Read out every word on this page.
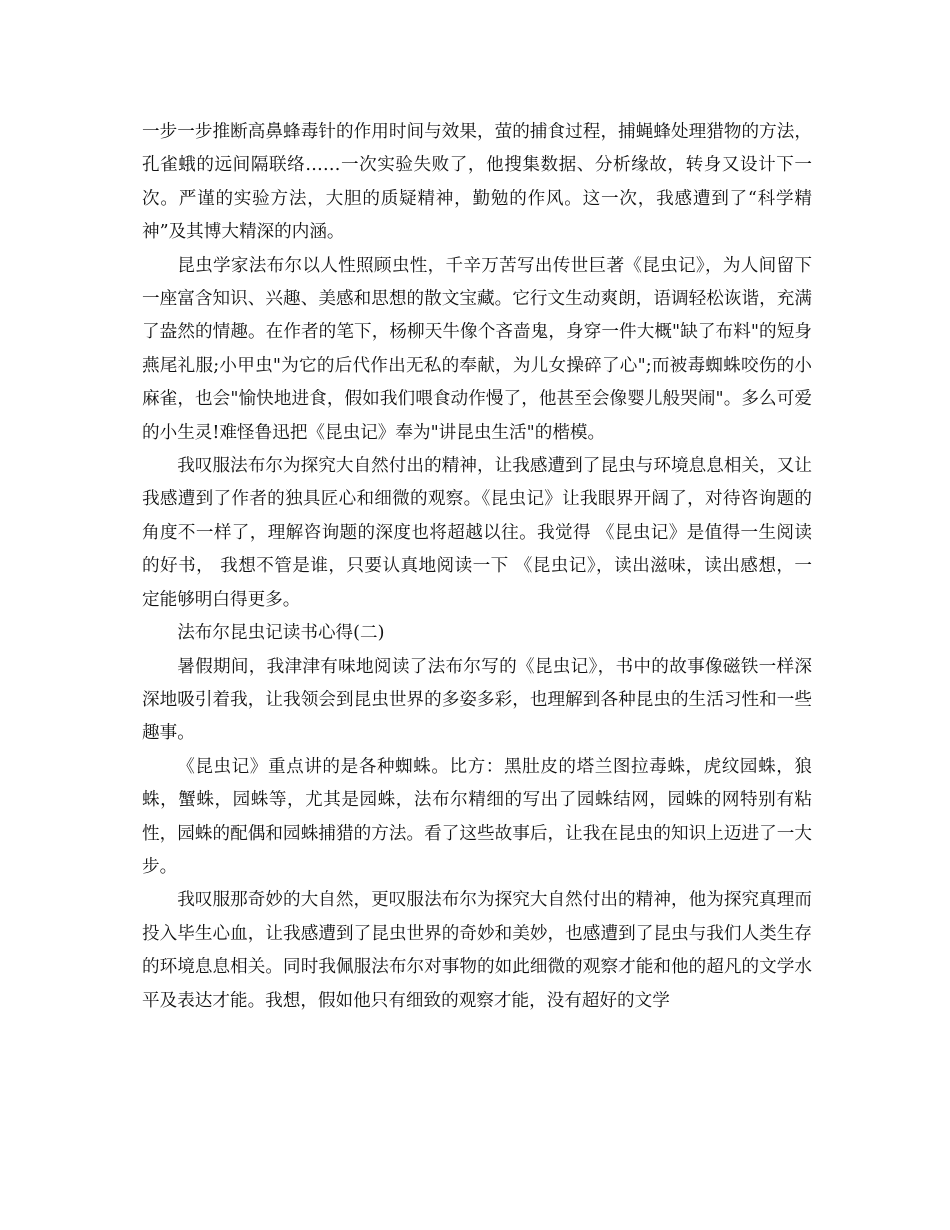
一步一步推断高鼻蜂毒针的作用时间与效果，萤的捕食过程，捕蝇蜂处理猎物的方法，孔雀蛾的远间隔联络……一次实验失败了，他搜集数据、分析缘故，转身又设计下一次。严谨的实验方法，大胆的质疑精神，勤勉的作风。这一次，我感遭到了“科学精神”及其博大精深的内涵。

昆虫学家法布尔以人性照顾虫性，千辛万苦写出传世巨著《昆虫记》，为人间留下一座富含知识、兴趣、美感和思想的散文宝藏。它行文生动爽朗，语调轻松诙谐，充满了盎然的情趣。在作者的笔下，杨柳天牛像个吝啬鬼，身穿一件大概"缺了布料"的短身燕尾礼服;小甲虫"为它的后代作出无私的奉献，为儿女操碎了心";而被毒蜘蛛咬伤的小麻雀，也会"愉快地进食，假如我们喂食动作慢了，他甚至会像婴儿般哭闹"。多么可爱的小生灵!难怪鲁迅把《昆虫记》奉为"讲昆虫生活"的楷模。

我叹服法布尔为探究大自然付出的精神，让我感遭到了昆虫与环境息息相关，又让我感遭到了作者的独具匠心和细微的观察。《昆虫记》让我眼界开阔了，对待咨询题的角度不一样了，理解咨询题的深度也将超越以往。我觉得 《昆虫记》是值得一生阅读的好书， 我想不管是谁，只要认真地阅读一下 《昆虫记》，读出滋味，读出感想，一定能够明白得更多。

法布尔昆虫记读书心得(二)

暑假期间，我津津有味地阅读了法布尔写的《昆虫记》，书中的故事像磁铁一样深深地吸引着我，让我领会到昆虫世界的多姿多彩，也理解到各种昆虫的生活习性和一些趣事。

《昆虫记》重点讲的是各种蜘蛛。比方：黑肚皮的塔兰图拉毒蛛，虎纹园蛛，狼蛛，蟹蛛，园蛛等，尤其是园蛛，法布尔精细的写出了园蛛结网，园蛛的网特别有粘性，园蛛的配偶和园蛛捕猎的方法。看了这些故事后，让我在昆虫的知识上迈进了一大步。

我叹服那奇妙的大自然，更叹服法布尔为探究大自然付出的精神，他为探究真理而投入毕生心血，让我感遭到了昆虫世界的奇妙和美妙，也感遭到了昆虫与我们人类生存的环境息息相关。同时我佩服法布尔对事物的如此细微的观察才能和他的超凡的文学水平及表达才能。我想，假如他只有细致的观察才能，没有超好的文学
